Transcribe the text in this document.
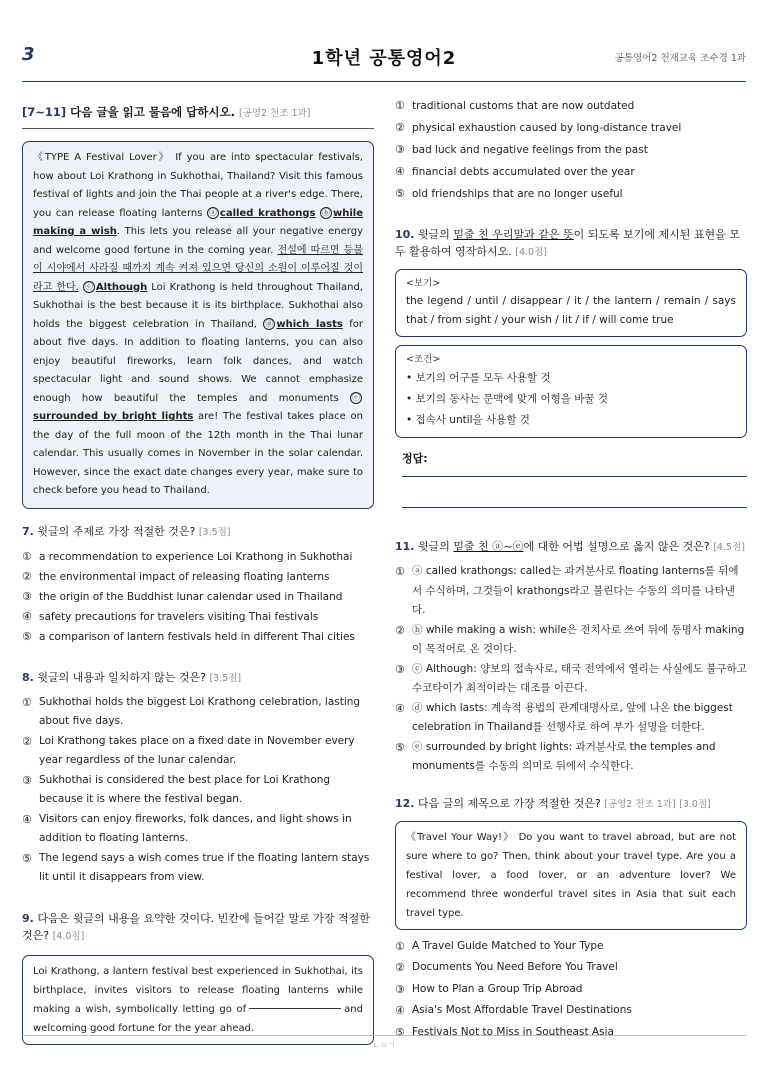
3	1학년 공통영어2	공통영어2 천재교육 조수경 1과
[7~11] 다음 글을 읽고 물음에 답하시오. [공영2 천조 1과]
《TYPE A Festival Lover》 If you are into spectacular festivals, how about Loi Krathong in Sukhothai, Thailand? Visit this famous festival of lights and join the Thai people at a river's edge. There, you can release floating lanterns ⓐ called krathongs ⓑ while making a wish. This lets you release all your negative energy and welcome good fortune in the coming year. 전설에 따르면 등불이 시야에서 사라질 때까지 계속 켜져 있으면 당신의 소원이 이루어질 것이라고 한다. ⓒ Although Loi Krathong is held throughout Thailand, Sukhothai is the best because it is its birthplace. Sukhothai also holds the biggest celebration in Thailand, ⓓ which lasts for about five days. In addition to floating lanterns, you can also enjoy beautiful fireworks, learn folk dances, and watch spectacular light and sound shows. We cannot emphasize enough how beautiful the temples and monuments ⓔsurrounded by bright lights are! The festival takes place on the day of the full moon of the 12th month in the Thai lunar calendar. This usually comes in November in the solar calendar. However, since the exact date changes every year, make sure to check before you head to Thailand.
7. 윗글의 주제로 가장 적절한 것은? [3.5점]
① a recommendation to experience Loi Krathong in Sukhothai
② the environmental impact of releasing floating lanterns
③ the origin of the Buddhist lunar calendar used in Thailand
④ safety precautions for travelers visiting Thai festivals
⑤ a comparison of lantern festivals held in different Thai cities
8. 윗글의 내용과 일치하지 않는 것은? [3.5점]
① Sukhothai holds the biggest Loi Krathong celebration, lasting about five days.
② Loi Krathong takes place on a fixed date in November every year regardless of the lunar calendar.
③ Sukhothai is considered the best place for Loi Krathong because it is where the festival began.
④ Visitors can enjoy fireworks, folk dances, and light shows in addition to floating lanterns.
⑤ The legend says a wish comes true if the floating lantern stays lit until it disappears from view.
9. 다음은 윗글의 내용을 요약한 것이다. 빈칸에 들어갈 말로 가장 적절한 것은? [4.0점]
Loi Krathong, a lantern festival best experienced in Sukhothai, its birthplace, invites visitors to release floating lanterns while making a wish, symbolically letting go of	and welcoming good fortune for the year ahead.
① traditional customs that are now outdated
② physical exhaustion caused by long-distance travel
③ bad luck and negative feelings from the past
④ financial debts accumulated over the year
⑤ old friendships that are no longer useful
10. 윗글의 밑줄 친 우리말과 같은 뜻이 되도록 보기에 제시된 표현을 모두 활용하여 영작하시오. [4.0점]
<보기>
the legend / until / disappear / it / the lantern / remain / says that / from sight / your wish / lit / if / will come true
<조건>
• 보기의 어구를 모두 사용할 것
• 보기의 동사는 문맥에 맞게 어형을 바꿀 것
• 접속사 until을 사용할 것
정답:
11. 윗글의 밑줄 친 ⓐ~ⓔ에 대한 어법 설명으로 옳지 않은 것은? [4.5점]
① ⓐ called krathongs: called는 과거분사로 floating lanterns를 뒤에서 수식하며, 그것들이 krathongs라고 불린다는 수동의 의미를 나타낸다.
② ⓑ while making a wish: while은 전치사로 쓰여 뒤에 동명사 making이 목적어로 온 것이다.
③ ⓒ Although: 양보의 접속사로, 태국 전역에서 열리는 사실에도 불구하고 수코타이가 최적이라는 대조를 이끈다.
④ ⓓ which lasts: 계속적 용법의 관계대명사로, 앞에 나온 the biggest celebration in Thailand를 선행사로 하여 부가 설명을 더한다.
⑤ ⓔ surrounded by bright lights: 과거분사로 the temples and monuments를 수동의 의미로 뒤에서 수식한다.
12. 다음 글의 제목으로 가장 적절한 것은? [공영2 천조 1과] [3.0점]
《Travel Your Way!》 Do you want to travel abroad, but are not sure where to go? Then, think about your travel type. Are you a festival lover, a food lover, or an adventure lover? We recommend three wonderful travel sites in Asia that suit each travel type.
① A Travel Guide Matched to Your Type
② Documents You Need Before You Travel
③ How to Plan a Group Trip Abroad
④ Asia's Most Affordable Travel Destinations
⑤ Festivals Not to Miss in Southeast Asia
ㄴㅇㄱ
